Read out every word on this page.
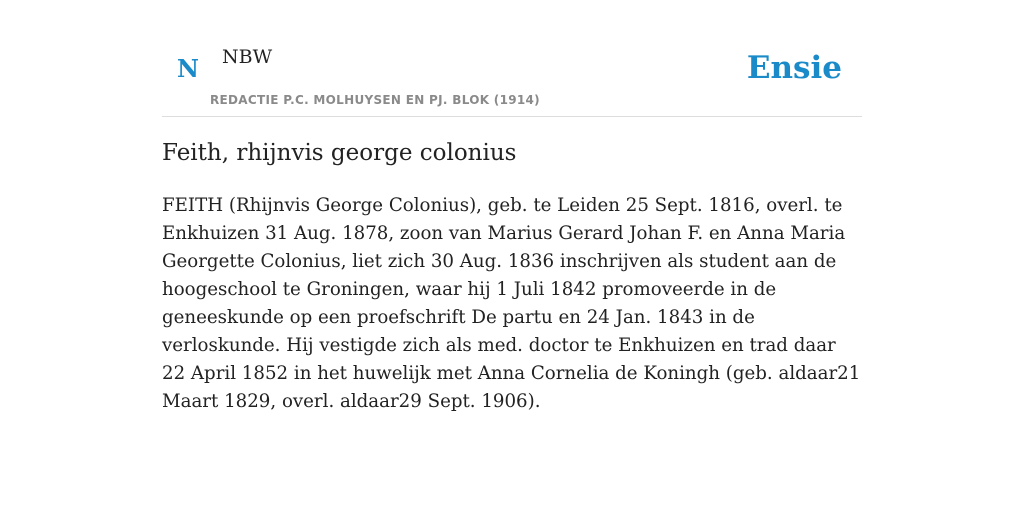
N NBW
REDACTIE P.C. MOLHUYSEN EN PJ. BLOK (1914)
Ensie
Feith, rhijnvis george colonius

FEITH (Rhijnvis George Colonius), geb. te Leiden 25 Sept. 1816, overl. te Enkhuizen 31 Aug. 1878, zoon van Marius Gerard Johan F. en Anna Maria Georgette Colonius, liet zich 30 Aug. 1836 inschrijven als student aan de hoogeschool te Groningen, waar hij 1 Juli 1842 promoveerde in de geneeskunde op een proefschrift De partu en 24 Jan. 1843 in de verloskunde. Hij vestigde zich als med. doctor te Enkhuizen en trad daar 22 April 1852 in het huwelijk met Anna Cornelia de Koningh (geb. aldaar21 Maart 1829, overl. aldaar29 Sept. 1906).
